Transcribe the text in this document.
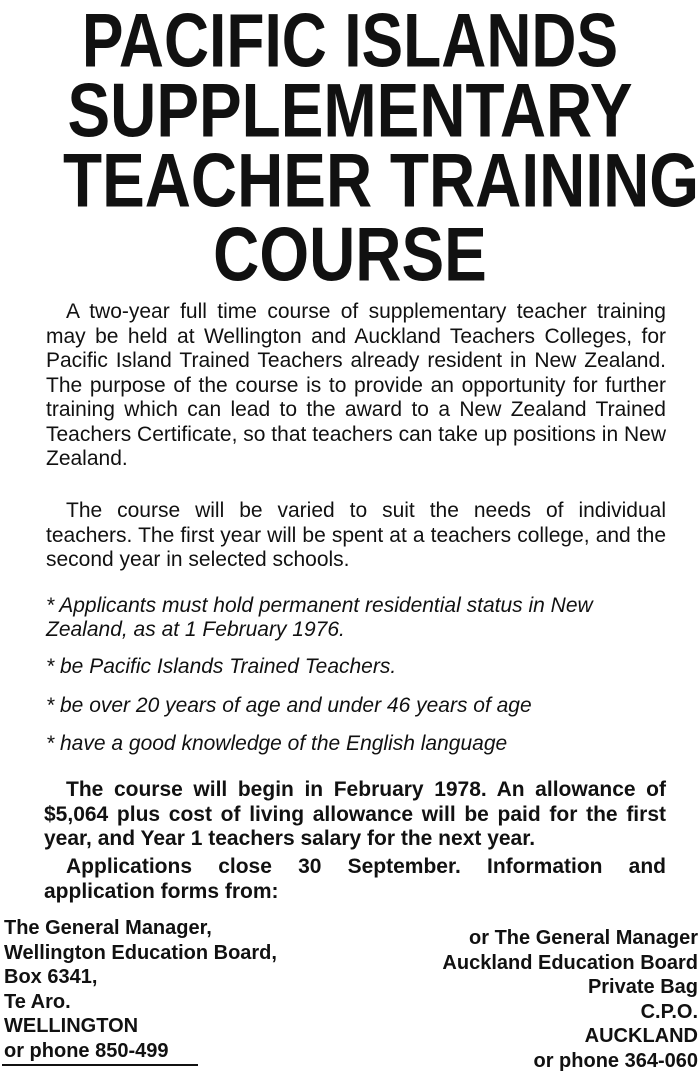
PACIFIC ISLANDS
SUPPLEMENTARY
TEACHER TRAINING
COURSE

A two-year full time course of supplementary teacher training may be held at Wellington and Auckland Teachers Colleges, for Pacific Island Trained Teachers already resident in New Zealand. The purpose of the course is to provide an opportunity for further training which can lead to the award to a New Zealand Trained Teachers Certificate, so that teachers can take up positions in New Zealand.

The course will be varied to suit the needs of individual teachers. The first year will be spent at a teachers college, and the second year in selected schools.

* Applicants must hold permanent residential status in New Zealand, as at 1 February 1976.

* be Pacific Islands Trained Teachers.

* be over 20 years of age and under 46 years of age

* have a good knowledge of the English language

The course will begin in February 1978. An allowance of $5,064 plus cost of living allowance will be paid for the first year, and Year 1 teachers salary for the next year.

Applications close 30 September. Information and application forms from:

The General Manager,
Wellington Education Board,
Box 6341,
Te Aro.
WELLINGTON
or phone 850-499
or The General Manager
Auckland Education Board
Private Bag
C.P.O.
AUCKLAND
or phone 364-060
